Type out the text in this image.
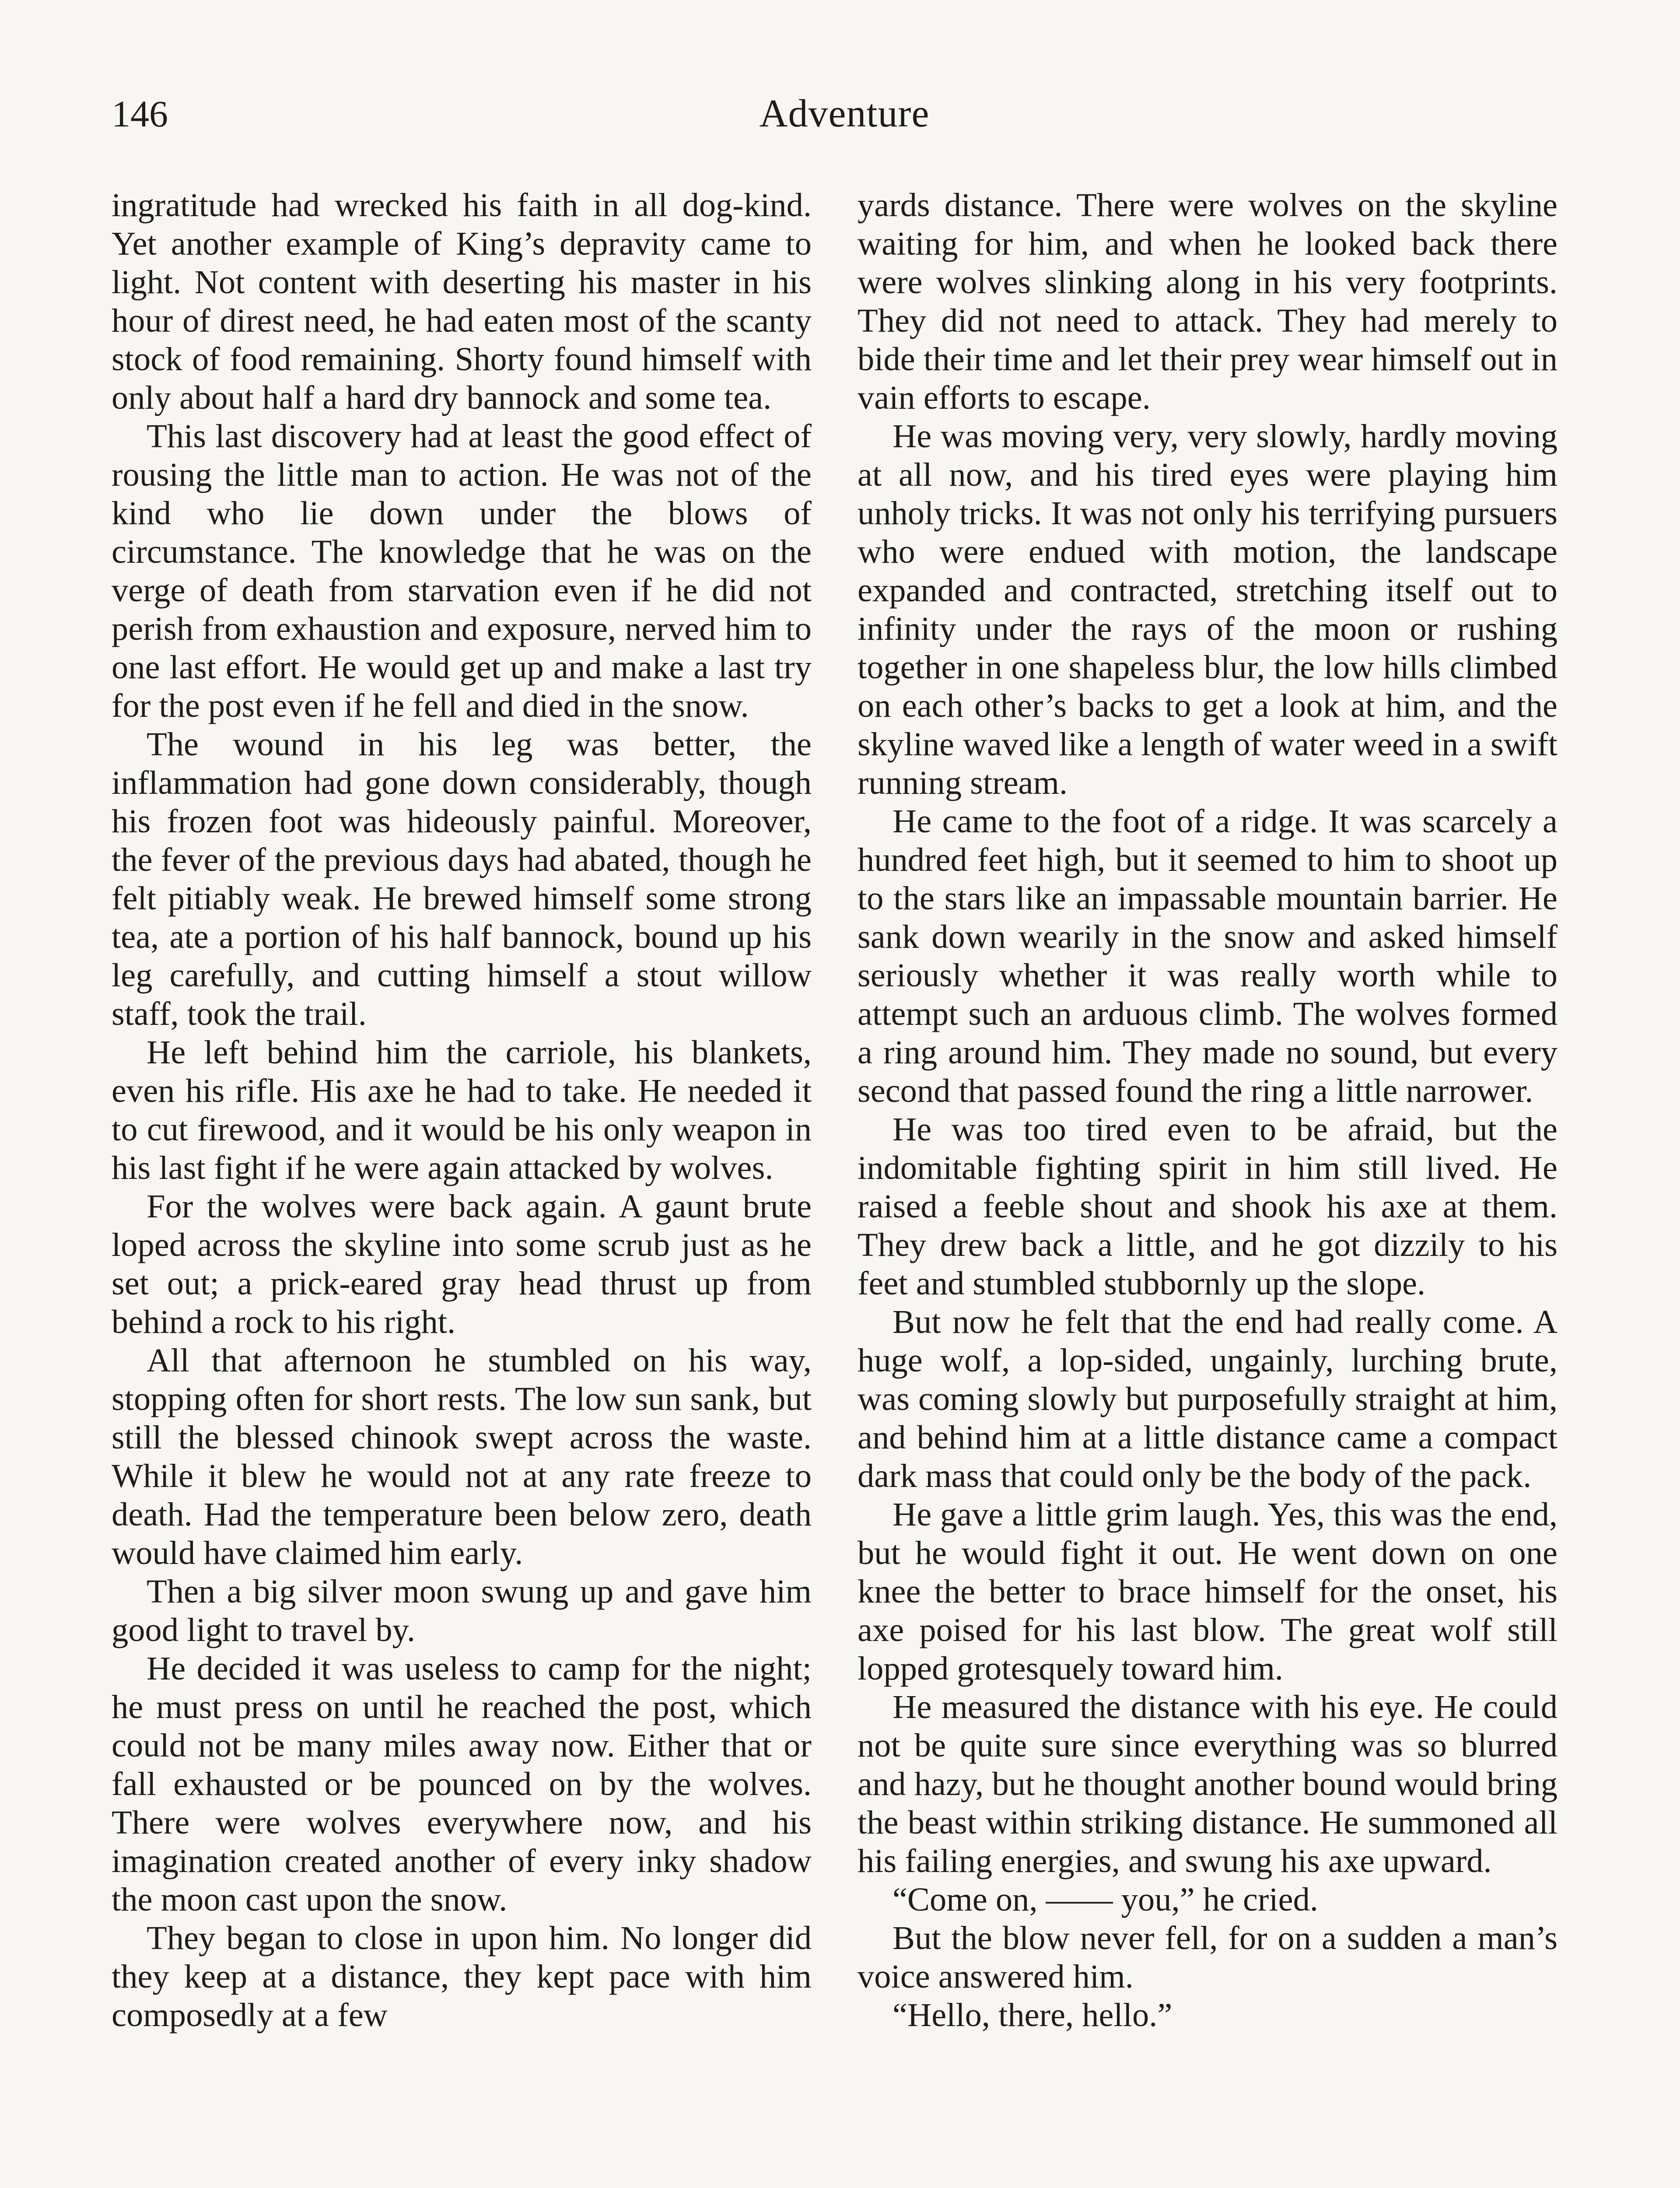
146	Adventure

ingratitude had wrecked his faith in all dog-kind. Yet another example of King’s depravity came to light. Not content with deserting his master in his hour of direst need, he had eaten most of the scanty stock of food remaining. Shorty found himself with only about half a hard dry bannock and some tea.

This last discovery had at least the good effect of rousing the little man to action. He was not of the kind who lie down under the blows of circumstance. The knowledge that he was on the verge of death from starvation even if he did not perish from exhaustion and exposure, nerved him to one last effort. He would get up and make a last try for the post even if he fell and died in the snow.

The wound in his leg was better, the inflammation had gone down considerably, though his frozen foot was hideously painful. Moreover, the fever of the previous days had abated, though he felt pitiably weak. He brewed himself some strong tea, ate a portion of his half bannock, bound up his leg carefully, and cutting himself a stout willow staff, took the trail.

He left behind him the carriole, his blankets, even his rifle. His axe he had to take. He needed it to cut firewood, and it would be his only weapon in his last fight if he were again attacked by wolves.

For the wolves were back again. A gaunt brute loped across the skyline into some scrub just as he set out; a prick-eared gray head thrust up from behind a rock to his right.

All that afternoon he stumbled on his way, stopping often for short rests. The low sun sank, but still the blessed chinook swept across the waste. While it blew he would not at any rate freeze to death. Had the temperature been below zero, death would have claimed him early.

Then a big silver moon swung up and gave him good light to travel by.

He decided it was useless to camp for the night; he must press on until he reached the post, which could not be many miles away now. Either that or fall exhausted or be pounced on by the wolves. There were wolves everywhere now, and his imagination created another of every inky shadow the moon cast upon the snow.

They began to close in upon him. No longer did they keep at a distance, they kept pace with him composedly at a few

yards distance. There were wolves on the skyline waiting for him, and when he looked back there were wolves slinking along in his very footprints. They did not need to attack. They had merely to bide their time and let their prey wear himself out in vain efforts to escape.

He was moving very, very slowly, hardly moving at all now, and his tired eyes were playing him unholy tricks. It was not only his terrifying pursuers who were endued with motion, the landscape expanded and contracted, stretching itself out to infinity under the rays of the moon or rushing together in one shapeless blur, the low hills climbed on each other’s backs to get a look at him, and the skyline waved like a length of water weed in a swift running stream.

He came to the foot of a ridge. It was scarcely a hundred feet high, but it seemed to him to shoot up to the stars like an impassable mountain barrier. He sank down wearily in the snow and asked himself seriously whether it was really worth while to attempt such an arduous climb. The wolves formed a ring around him. They made no sound, but every second that passed found the ring a little narrower.

He was too tired even to be afraid, but the indomitable fighting spirit in him still lived. He raised a feeble shout and shook his axe at them. They drew back a little, and he got dizzily to his feet and stumbled stubbornly up the slope.

But now he felt that the end had really come. A huge wolf, a lop-sided, ungainly, lurching brute, was coming slowly but purposefully straight at him, and behind him at a little distance came a compact dark mass that could only be the body of the pack.

He gave a little grim laugh. Yes, this was the end, but he would fight it out. He went down on one knee the better to brace himself for the onset, his axe poised for his last blow. The great wolf still lopped grotesquely toward him.

He measured the distance with his eye. He could not be quite sure since everything was so blurred and hazy, but he thought another bound would bring the beast within striking distance. He summoned all his failing energies, and swung his axe upward.

“Come on, —— you,” he cried.

But the blow never fell, for on a sudden a man’s voice answered him.

“Hello, there, hello.”
